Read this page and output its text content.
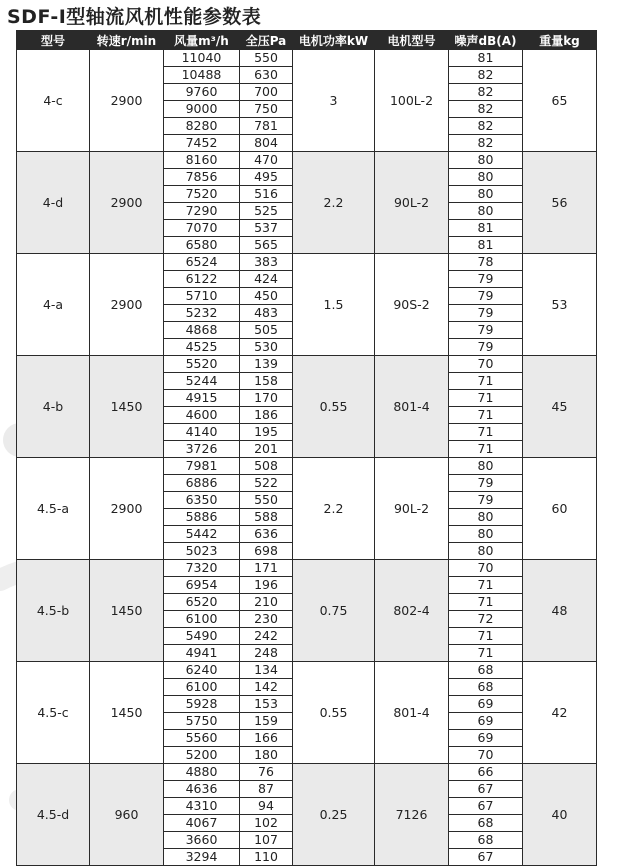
SDF-I型轴流风机性能参数表
型号	转速r/min	风量m³/h	全压Pa	电机功率kW	电机型号	噪声dB(A)	重量kg
4-c	2900	11040	550	3	100L-2	81	65
		10488	630			82	
		9760	700			82	
		9000	750			82	
		8280	781			82	
		7452	804			82	
4-d	2900	8160	470	2.2	90L-2	80	56
		7856	495			80	
		7520	516			80	
		7290	525			80	
		7070	537			81	
		6580	565			81	
4-a	2900	6524	383	1.5	90S-2	78	53
		6122	424			79	
		5710	450			79	
		5232	483			79	
		4868	505			79	
		4525	530			79	
4-b	1450	5520	139	0.55	801-4	70	45
		5244	158			71	
		4915	170			71	
		4600	186			71	
		4140	195			71	
		3726	201			71	
4.5-a	2900	7981	508	2.2	90L-2	80	60
		6886	522			79	
		6350	550			79	
		5886	588			80	
		5442	636			80	
		5023	698			80	
4.5-b	1450	7320	171	0.75	802-4	70	48
		6954	196			71	
		6520	210			71	
		6100	230			72	
		5490	242			71	
		4941	248			71	
4.5-c	1450	6240	134	0.55	801-4	68	42
		6100	142			68	
		5928	153			69	
		5750	159			69	
		5560	166			69	
		5200	180			70	
4.5-d	960	4880	76	0.25	7126	66	40
		4636	87			67	
		4310	94			67	
		4067	102			68	
		3660	107			68	
		3294	110			67	
